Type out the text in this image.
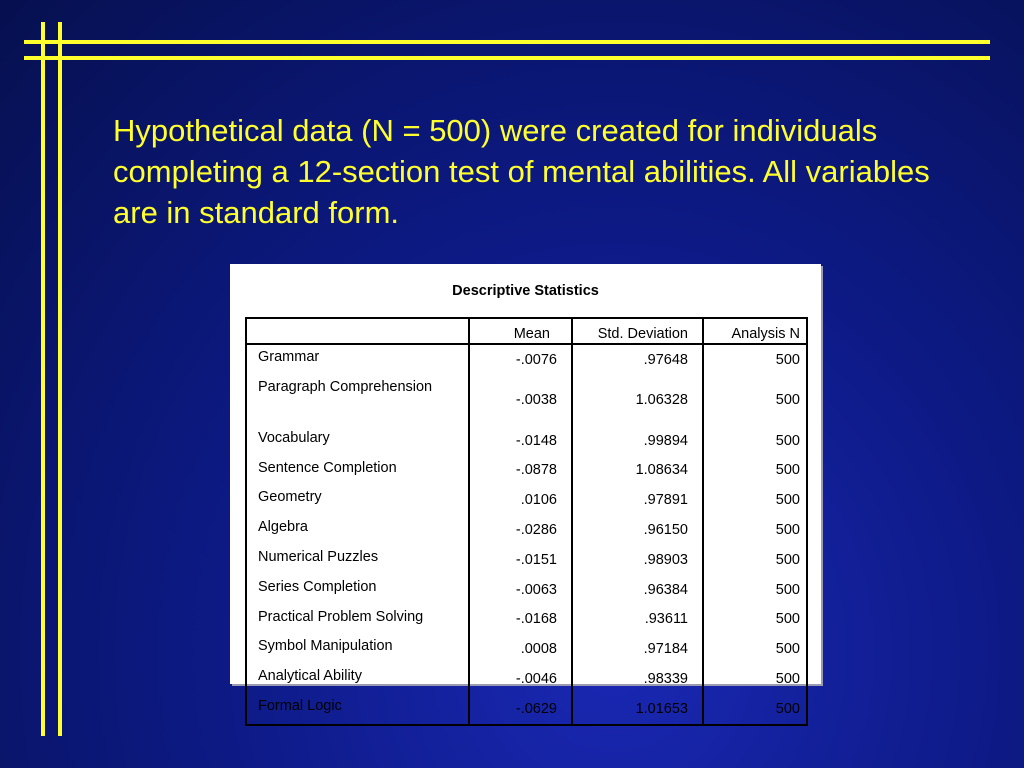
Hypothetical data (N = 500) were created for individuals completing a 12-section test of mental abilities. All variables are in standard form.
Descriptive Statistics
	Mean	Std. Deviation	Analysis N
Grammar	-.0076	.97648	500
Paragraph Comprehension	-.0038	1.06328	500
Vocabulary	-.0148	.99894	500
Sentence Completion	-.0878	1.08634	500
Geometry	.0106	.97891	500
Algebra	-.0286	.96150	500
Numerical Puzzles	-.0151	.98903	500
Series Completion	-.0063	.96384	500
Practical Problem Solving	-.0168	.93611	500
Symbol Manipulation	.0008	.97184	500
Analytical Ability	-.0046	.98339	500
Formal Logic	-.0629	1.01653	500
